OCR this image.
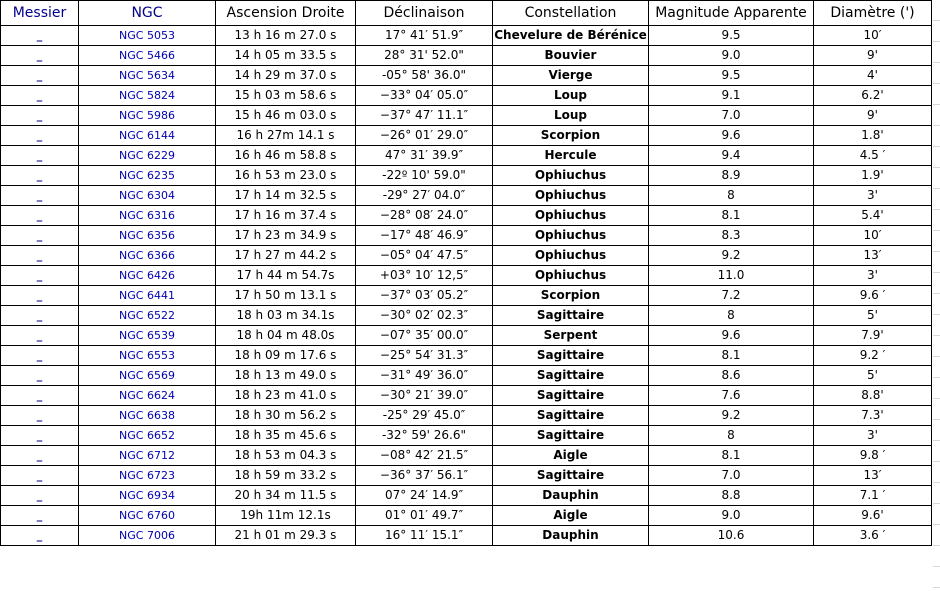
Messier	NGC	Ascension Droite	Déclinaison	Constellation	Magnitude Apparente	Diamètre (')
_	NGC 5053	13 h 16 m 27.0 s	17° 41′ 51.9″	Chevelure de Bérénice	9.5	10′
_	NGC 5466	14 h 05 m 33.5 s	28° 31' 52.0"	Bouvier	9.0	9'
_	NGC 5634	14 h 29 m 37.0 s	-05° 58' 36.0"	Vierge	9.5	4'
_	NGC 5824	15 h 03 m 58.6 s	−33° 04′ 05.0″	Loup	9.1	6.2'
_	NGC 5986	15 h 46 m 03.0 s	−37° 47′ 11.1″	Loup	7.0	9'
_	NGC 6144	16 h 27m 14.1 s	−26° 01′ 29.0″	Scorpion	9.6	1.8'
_	NGC 6229	16 h 46 m 58.8 s	47° 31′ 39.9″	Hercule	9.4	4.5 ′
_	NGC 6235	16 h 53 m 23.0 s	-22º 10' 59.0"	Ophiuchus	8.9	1.9'
_	NGC 6304	17 h 14 m 32.5 s	-29° 27′ 04.0″	Ophiuchus	8	3'
_	NGC 6316	17 h 16 m 37.4 s	−28° 08′ 24.0″	Ophiuchus	8.1	5.4'
_	NGC 6356	17 h 23 m 34.9 s	−17° 48′ 46.9″	Ophiuchus	8.3	10′
_	NGC 6366	17 h 27 m 44.2 s	−05° 04′ 47.5″	Ophiuchus	9.2	13′
_	NGC 6426	17 h 44 m 54.7s	+03° 10′ 12,5″	Ophiuchus	11.0	3'
_	NGC 6441	17 h 50 m 13.1 s	−37° 03′ 05.2″	Scorpion	7.2	9.6 ′
_	NGC 6522	18 h 03 m 34.1s	−30° 02′ 02.3″	Sagittaire	8	5'
_	NGC 6539	18 h 04 m 48.0s	−07° 35′ 00.0″	Serpent	9.6	7.9'
_	NGC 6553	18 h 09 m 17.6 s	−25° 54′ 31.3″	Sagittaire	8.1	9.2 ′
_	NGC 6569	18 h 13 m 49.0 s	−31° 49′ 36.0″	Sagittaire	8.6	5'
_	NGC 6624	18 h 23 m 41.0 s	−30° 21′ 39.0″	Sagittaire	7.6	8.8'
_	NGC 6638	18 h 30 m 56.2 s	-25° 29′ 45.0″	Sagittaire	9.2	7.3'
_	NGC 6652	18 h 35 m 45.6 s	-32° 59' 26.6"	Sagittaire	8	3'
_	NGC 6712	18 h 53 m 04.3 s	−08° 42′ 21.5″	Aigle	8.1	9.8 ′
_	NGC 6723	18 h 59 m 33.2 s	−36° 37′ 56.1″	Sagittaire	7.0	13′
_	NGC 6934	20 h 34 m 11.5 s	07° 24′ 14.9″	Dauphin	8.8	7.1 ′
_	NGC 6760	19h 11m 12.1s	01° 01′ 49.7″	Aigle	9.0	9.6'
_	NGC 7006	21 h 01 m 29.3 s	16° 11′ 15.1″	Dauphin	10.6	3.6 ′
